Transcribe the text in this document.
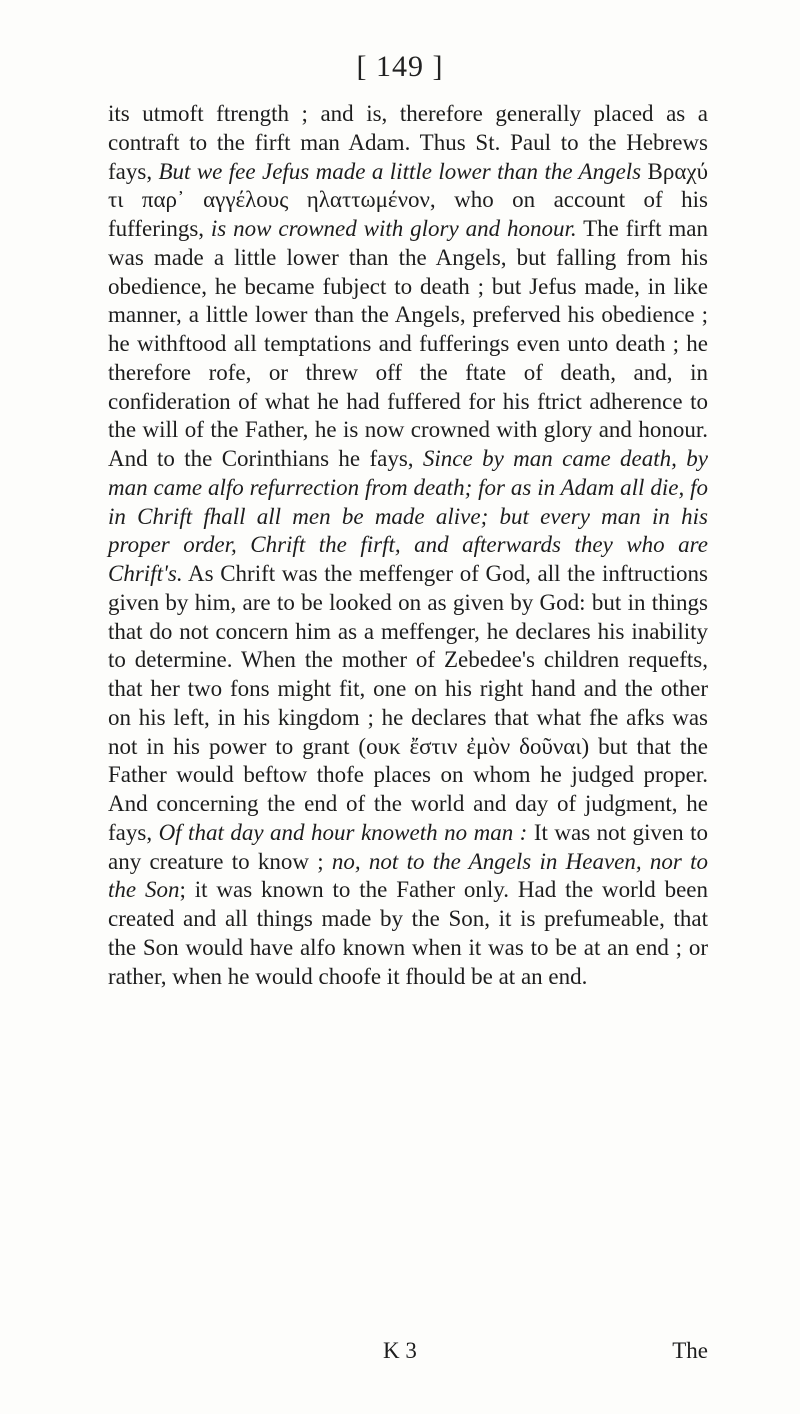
[ 149 ]

its utmoft ftrength ; and is, therefore generally placed as a contraft to the firft man Adam. Thus St. Paul to the Hebrews fays, But we fee Jefus made a little lower than the Angels Βραχύ τι παρ᾽ αγγέλους ηλαττωμένον, who on account of his fufferings, is now crowned with glory and honour. The firft man was made a little lower than the Angels, but falling from his obedience, he became fubject to death ; but Jefus made, in like manner, a little lower than the Angels, preferved his obedience ; he withftood all temptations and fufferings even unto death ; he therefore rofe, or threw off the ftate of death, and, in confideration of what he had fuffered for his ftrict adherence to the will of the Father, he is now crowned with glory and honour. And to the Corinthians he fays, Since by man came death, by man came alfo refurrection from death; for as in Adam all die, fo in Chrift fhall all men be made alive; but every man in his proper order, Chrift the firft, and afterwards they who are Chrift's. As Chrift was the meffenger of God, all the inftructions given by him, are to be looked on as given by God: but in things that do not concern him as a meffenger, he declares his inability to determine. When the mother of Zebedee's children requefts, that her two fons might fit, one on his right hand and the other on his left, in his kingdom ; he declares that what fhe afks was not in his power to grant (ουκ ἔστιν ἐμὸν δοῦναι) but that the Father would beftow thofe places on whom he judged proper. And concerning the end of the world and day of judgment, he fays, Of that day and hour knoweth no man : It was not given to any creature to know ; no, not to the Angels in Heaven, nor to the Son; it was known to the Father only. Had the world been created and all things made by the Son, it is prefumeable, that the Son would have alfo known when it was to be at an end ; or rather, when he would choofe it fhould be at an end.

K 3	The
